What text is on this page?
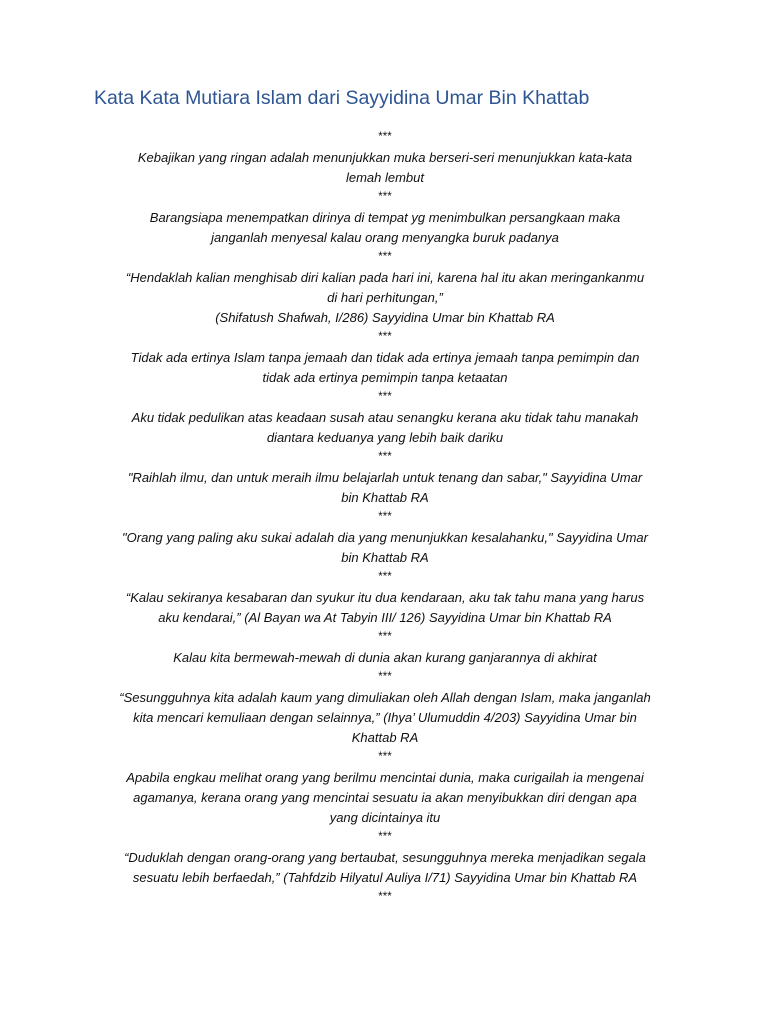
Kata Kata Mutiara Islam dari Sayyidina Umar Bin Khattab
***
Kebajikan yang ringan adalah menunjukkan muka berseri-seri menunjukkan kata-kata
lemah lembut
***
Barangsiapa menempatkan dirinya di tempat yg menimbulkan persangkaan maka
janganlah menyesal kalau orang menyangka buruk padanya
***
“Hendaklah kalian menghisab diri kalian pada hari ini, karena hal itu akan meringankanmu
di hari perhitungan,”
(Shifatush Shafwah, I/286) Sayyidina Umar bin Khattab RA
***
Tidak ada ertinya Islam tanpa jemaah dan tidak ada ertinya jemaah tanpa pemimpin dan
tidak ada ertinya pemimpin tanpa ketaatan
***
Aku tidak pedulikan atas keadaan susah atau senangku kerana aku tidak tahu manakah
diantara keduanya yang lebih baik dariku
***
"Raihlah ilmu, dan untuk meraih ilmu belajarlah untuk tenang dan sabar," Sayyidina Umar
bin Khattab RA
***
"Orang yang paling aku sukai adalah dia yang menunjukkan kesalahanku," Sayyidina Umar
bin Khattab RA
***
“Kalau sekiranya kesabaran dan syukur itu dua kendaraan, aku tak tahu mana yang harus
aku kendarai,” (Al Bayan wa At Tabyin III/ 126) Sayyidina Umar bin Khattab RA
***
Kalau kita bermewah-mewah di dunia akan kurang ganjarannya di akhirat
***
“Sesungguhnya kita adalah kaum yang dimuliakan oleh Allah dengan Islam, maka janganlah
kita mencari kemuliaan dengan selainnya,” (Ihya’ Ulumuddin 4/203) Sayyidina Umar bin
Khattab RA
***
Apabila engkau melihat orang yang berilmu mencintai dunia, maka curigailah ia mengenai
agamanya, kerana orang yang mencintai sesuatu ia akan menyibukkan diri dengan apa
yang dicintainya itu
***
“Duduklah dengan orang-orang yang bertaubat, sesungguhnya mereka menjadikan segala
sesuatu lebih berfaedah,” (Tahfdzib Hilyatul Auliya I/71) Sayyidina Umar bin Khattab RA
***
